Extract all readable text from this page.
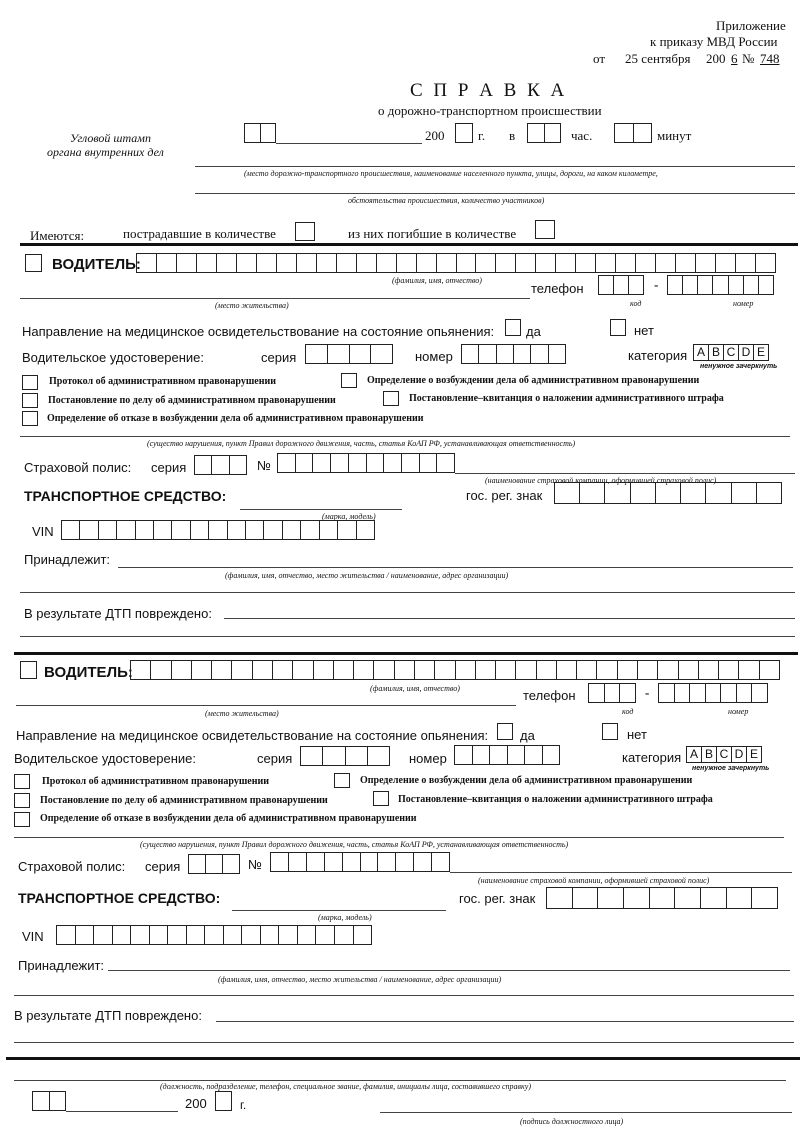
Приложение
к приказу МВД России
от 25 сентября 200 6 № 748
С П Р А В К А
о дорожно-транспортном происшествии
Угловой штамп
органа внутренних дел
200	г. в	час.	минут
(место дорожно-транспортного происшествия, наименование населенного пункта, улицы, дороги, на каком километре,
обстоятельства происшествия, количество участников)
Имеются:	пострадавшие в количестве	из них погибшие в количестве
ВОДИТЕЛЬ:
(фамилия, имя, отчество)
(место жительства)
телефон	-
код	номер
Направление на медицинское освидетельствование на состояние опьянения: да	нет
Водительское удостоверение:	серия	номер	категория A B C D E
ненужное зачеркнуть
Протокол об административном правонарушении	Определение о возбуждении дела об административном правонарушении
Постановление по делу об административном правонарушении	Постановление–квитанция о наложении административного штрафа
Определение об отказе в возбуждении дела об административном правонарушении
(существо нарушения, пункт Правил дорожного движения, часть, статья КоАП РФ, устанавливающая ответственность)
Страховой полис: серия	№
(наименование страховой компании, оформившей страховой полис)
ТРАНСПОРТНОЕ СРЕДСТВО:
(марка, модель)
гос. рег. знак
VIN
Принадлежит:
(фамилия, имя, отчество, место жительства / наименование, адрес организации)
В результате ДТП повреждено:
ВОДИТЕЛЬ:
(фамилия, имя, отчество)
(место жительства)
телефон	-
код	номер
Направление на медицинское освидетельствование на состояние опьянения: да	нет
Водительское удостоверение:	серия	номер	категория A B C D E
ненужное зачеркнуть
Протокол об административном правонарушении	Определение о возбуждении дела об административном правонарушении
Постановление по делу об административном правонарушении	Постановление–квитанция о наложении административного штрафа
Определение об отказе в возбуждении дела об административном правонарушении
(существо нарушения, пункт Правил дорожного движения, часть, статья КоАП РФ, устанавливающая ответственность)
Страховой полис: серия	№
(наименование страховой компании, оформившей страховой полис)
ТРАНСПОРТНОЕ СРЕДСТВО:
(марка, модель)
гос. рег. знак
VIN
Принадлежит:
(фамилия, имя, отчество, место жительства / наименование, адрес организации)
В результате ДТП повреждено:
(должность, подразделение, телефон, специальное звание, фамилия, инициалы лица, составившего справку)
200	г.
(подпись должностного лица)
